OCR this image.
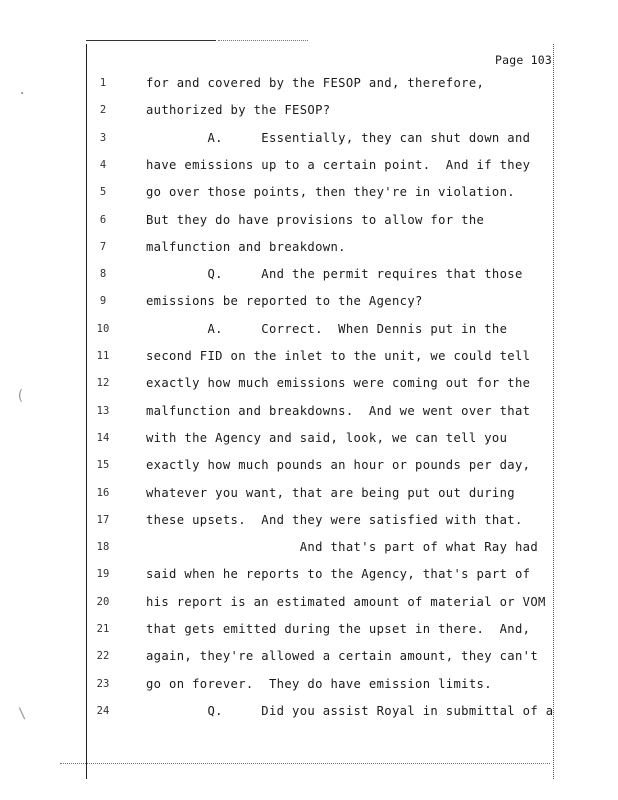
·
(
\
Page 103
1	for and covered by the FESOP and, therefore,
2	authorized by the FESOP?
3	A.     Essentially, they can shut down and
4	have emissions up to a certain point.  And if they
5	go over those points, then they're in violation.
6	But they do have provisions to allow for the
7	malfunction and breakdown.
8	Q.     And the permit requires that those
9	emissions be reported to the Agency?
10	A.     Correct.  When Dennis put in the
11	second FID on the inlet to the unit, we could tell
12	exactly how much emissions were coming out for the
13	malfunction and breakdowns.  And we went over that
14	with the Agency and said, look, we can tell you
15	exactly how much pounds an hour or pounds per day,
16	whatever you want, that are being put out during
17	these upsets.  And they were satisfied with that.
18	And that's part of what Ray had
19	said when he reports to the Agency, that's part of
20	his report is an estimated amount of material or VOM
21	that gets emitted during the upset in there.  And,
22	again, they're allowed a certain amount, they can't
23	go on forever.  They do have emission limits.
24	Q.     Did you assist Royal in submittal of a
